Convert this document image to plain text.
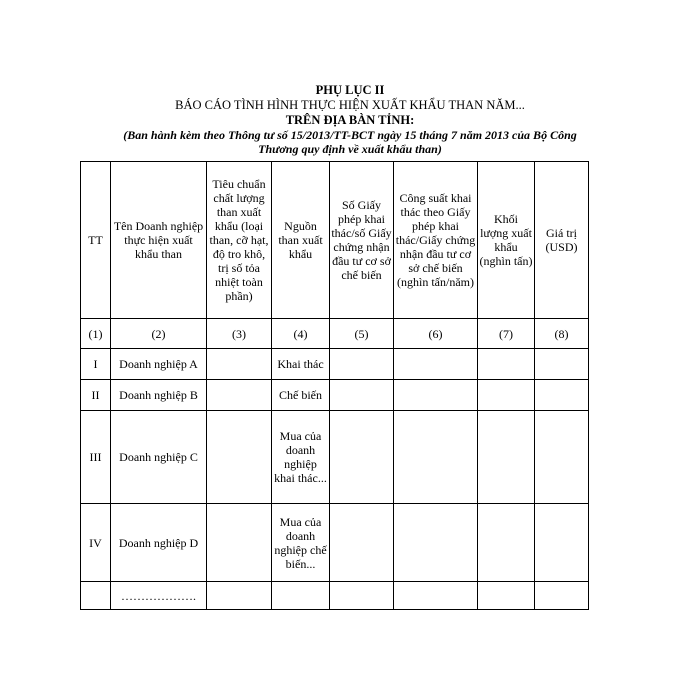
PHỤ LỤC II
BÁO CÁO TÌNH HÌNH THỰC HIỆN XUẤT KHẨU THAN NĂM...
TRÊN ĐỊA BÀN TỈNH:
(Ban hành kèm theo Thông tư số 15/2013/TT-BCT ngày 15 tháng 7 năm 2013 của Bộ Công
Thương quy định về xuất khẩu than)
TT	Tên Doanh nghiệp thực hiện xuất khẩu than	Tiêu chuẩn chất lượng than xuất khẩu (loại than, cỡ hạt, độ tro khô, trị số tỏa nhiệt toàn phần)	Nguồn than xuất khẩu	Số Giấy phép khai thác/số Giấy chứng nhận đầu tư cơ sở chế biến	Công suất khai thác theo Giấy phép khai thác/Giấy chứng nhận đầu tư cơ sở chế biến (nghìn tấn/năm)	Khối lượng xuất khẩu (nghìn tấn)	Giá trị (USD)
(1)	(2)	(3)	(4)	(5)	(6)	(7)	(8)
I	Doanh nghiệp A		Khai thác				
II	Doanh nghiệp B		Chế biến				
III	Doanh nghiệp C		Mua của doanh nghiệp khai thác...				
IV	Doanh nghiệp D		Mua của doanh nghiệp chế biến...				
	……………….						
